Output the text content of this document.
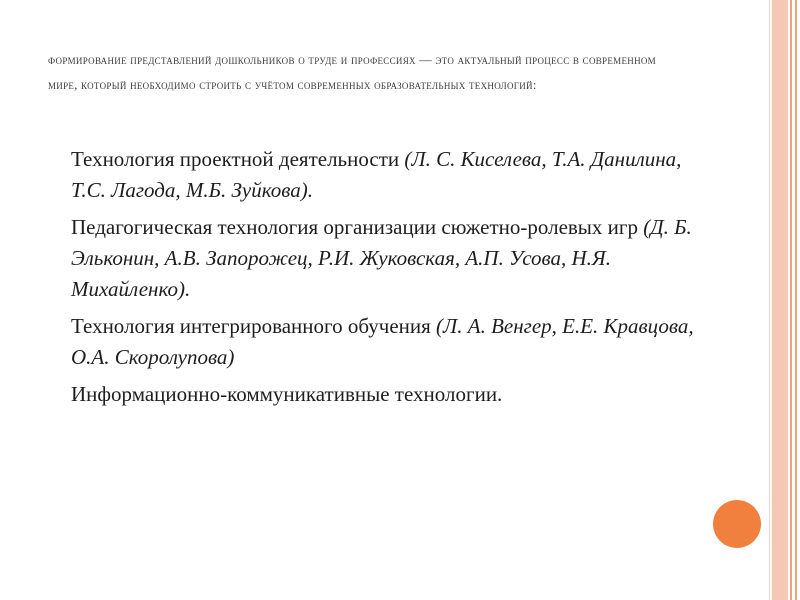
формирование представлений дошкольников о труде и профессиях — это актуальный процесс в современном мире, который необходимо строить с учётом современных образовательных технологий:
Технология проектной деятельности (Л. С. Киселева, Т.А. Данилина, Т.С. Лагода, М.Б. Зуйкова).
Педагогическая технология организации сюжетно-ролевых игр (Д. Б. Эльконин, А.В. Запорожец, Р.И. Жуковская, А.П. Усова, Н.Я. Михайленко).
Технология интегрированного обучения (Л. А. Венгер, Е.Е. Кравцова, О.А. Скоролупова)
Информационно-коммуникативные технологии.
